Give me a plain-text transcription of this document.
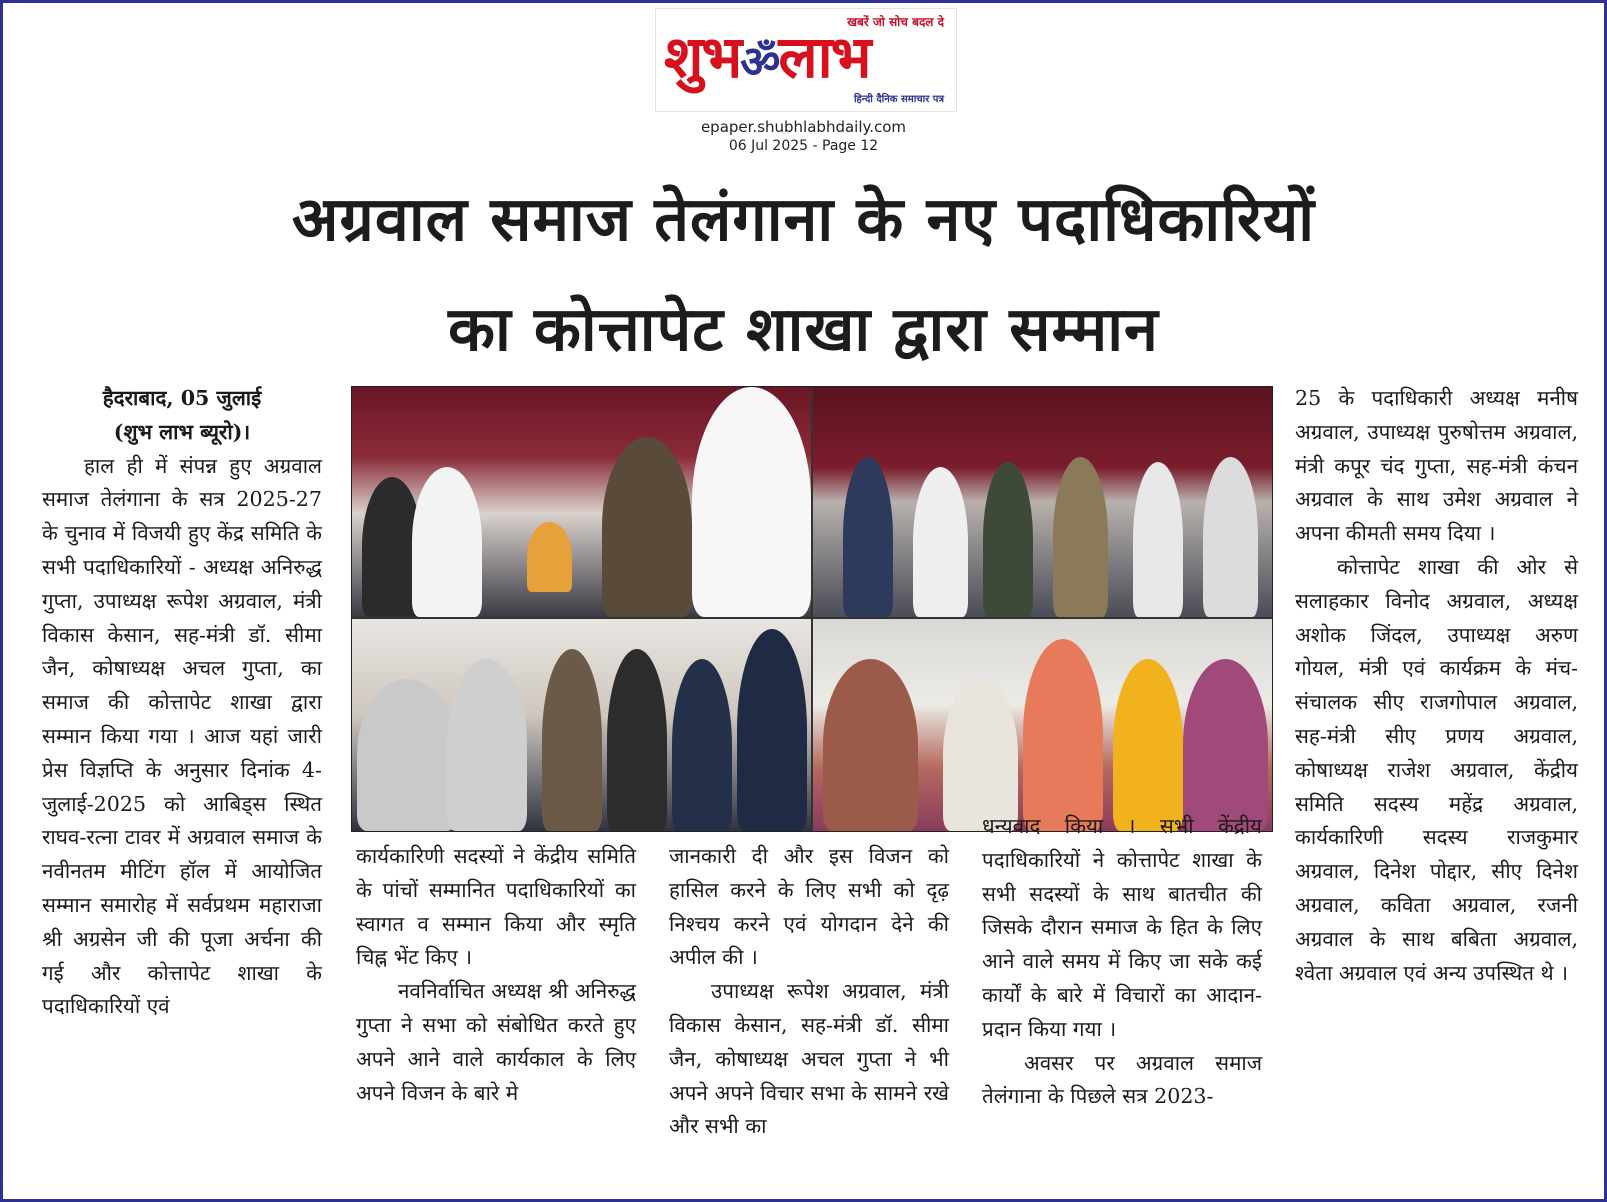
खबरें जो सोच बदल दे
शुभॐलाभ
हिन्दी दैनिक समाचार पत्र
epaper.shubhlabhdaily.com
06 Jul 2025 - Page 12
अग्रवाल समाज तेलंगाना के नए पदाधिकारियों
का कोत्तापेट शाखा द्वारा सम्मान
हैदराबाद, 05 जुलाई
(शुभ लाभ ब्यूरो)।

हाल ही में संपन्न हुए अग्रवाल समाज तेलंगाना के सत्र 2025-27 के चुनाव में विजयी हुए केंद्र समिति के सभी पदाधिकारियों - अध्यक्ष अनिरुद्ध गुप्ता, उपाध्यक्ष रूपेश अग्रवाल, मंत्री विकास केसान, सह-मंत्री डॉ. सीमा जैन, कोषाध्यक्ष अचल गुप्ता, का समाज की कोत्तापेट शाखा द्वारा सम्मान किया गया । आज यहां जारी प्रेस विज्ञप्ति के अनुसार दिनांक 4-जुलाई-2025 को आबिड्स स्थित राघव-रत्ना टावर में अग्रवाल समाज के नवीनतम मीटिंग हॉल में आयोजित सम्मान समारोह में सर्वप्रथम महाराजा श्री अग्रसेन जी की पूजा अर्चना की गई और कोत्तापेट शाखा के पदाधिकारियों एवं

कार्यकारिणी सदस्यों ने केंद्रीय समिति के पांचों सम्मानित पदाधिकारियों का स्वागत व सम्मान किया और स्मृति चिह्न भेंट किए ।

नवनिर्वाचित अध्यक्ष श्री अनिरुद्ध गुप्ता ने सभा को संबोधित करते हुए अपने आने वाले कार्यकाल के लिए अपने विजन के बारे मे

जानकारी दी और इस विजन को हासिल करने के लिए सभी को दृढ़ निश्चय करने एवं योगदान देने की अपील की ।

उपाध्यक्ष रूपेश अग्रवाल, मंत्री विकास केसान, सह-मंत्री डॉ. सीमा जैन, कोषाध्यक्ष अचल गुप्ता ने भी अपने अपने विचार सभा के सामने रखे और सभी का

धन्यवाद किया । सभी केंद्रीय पदाधिकारियों ने कोत्तापेट शाखा के सभी सदस्यों के साथ बातचीत की जिसके दौरान समाज के हित के लिए आने वाले समय में किए जा सके कई कार्यों के बारे में विचारों का आदान-प्रदान किया गया ।

अवसर पर अग्रवाल समाज तेलंगाना के पिछले सत्र 2023-

25 के पदाधिकारी अध्यक्ष मनीष अग्रवाल, उपाध्यक्ष पुरुषोत्तम अग्रवाल, मंत्री कपूर चंद गुप्ता, सह-मंत्री कंचन अग्रवाल के साथ उमेश अग्रवाल ने अपना कीमती समय दिया ।

कोत्तापेट शाखा की ओर से सलाहकार विनोद अग्रवाल, अध्यक्ष अशोक जिंदल, उपाध्यक्ष अरुण गोयल, मंत्री एवं कार्यक्रम के मंच-संचालक सीए राजगोपाल अग्रवाल, सह-मंत्री सीए प्रणय अग्रवाल, कोषाध्यक्ष राजेश अग्रवाल, केंद्रीय समिति सदस्य महेंद्र अग्रवाल, कार्यकारिणी सदस्य राजकुमार अग्रवाल, दिनेश पोद्दार, सीए दिनेश अग्रवाल, कविता अग्रवाल, रजनी अग्रवाल के साथ बबिता अग्रवाल, श्वेता अग्रवाल एवं अन्य उपस्थित थे ।
